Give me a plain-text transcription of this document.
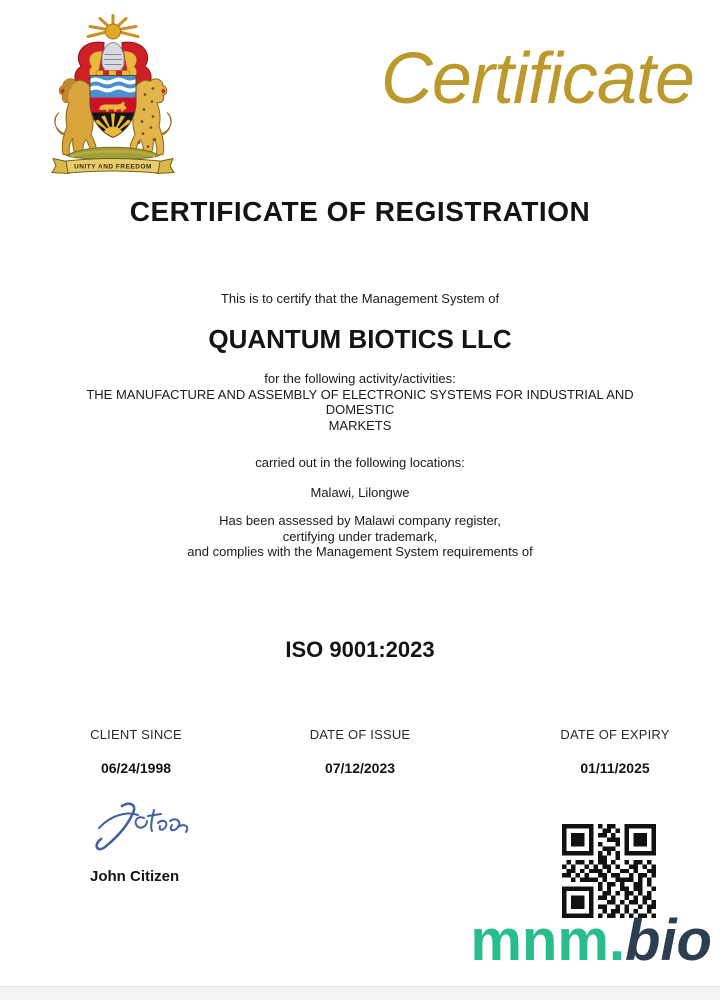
UNITY AND FREEDOM
Certificate
CERTIFICATE OF REGISTRATION
This is to certify that the Management System of
QUANTUM BIOTICS LLC
for the following activity/activities:
THE MANUFACTURE AND ASSEMBLY OF ELECTRONIC SYSTEMS FOR INDUSTRIAL AND
DOMESTIC
MARKETS
carried out in the following locations:
Malawi, Lilongwe
Has been assessed by Malawi company register,
certifying under trademark,
and complies with the Management System requirements of
ISO 9001:2023
CLIENT SINCE
06/24/1998
DATE OF ISSUE
07/12/2023
DATE OF EXPIRY
01/11/2025
John Citizen
mnm.bio
